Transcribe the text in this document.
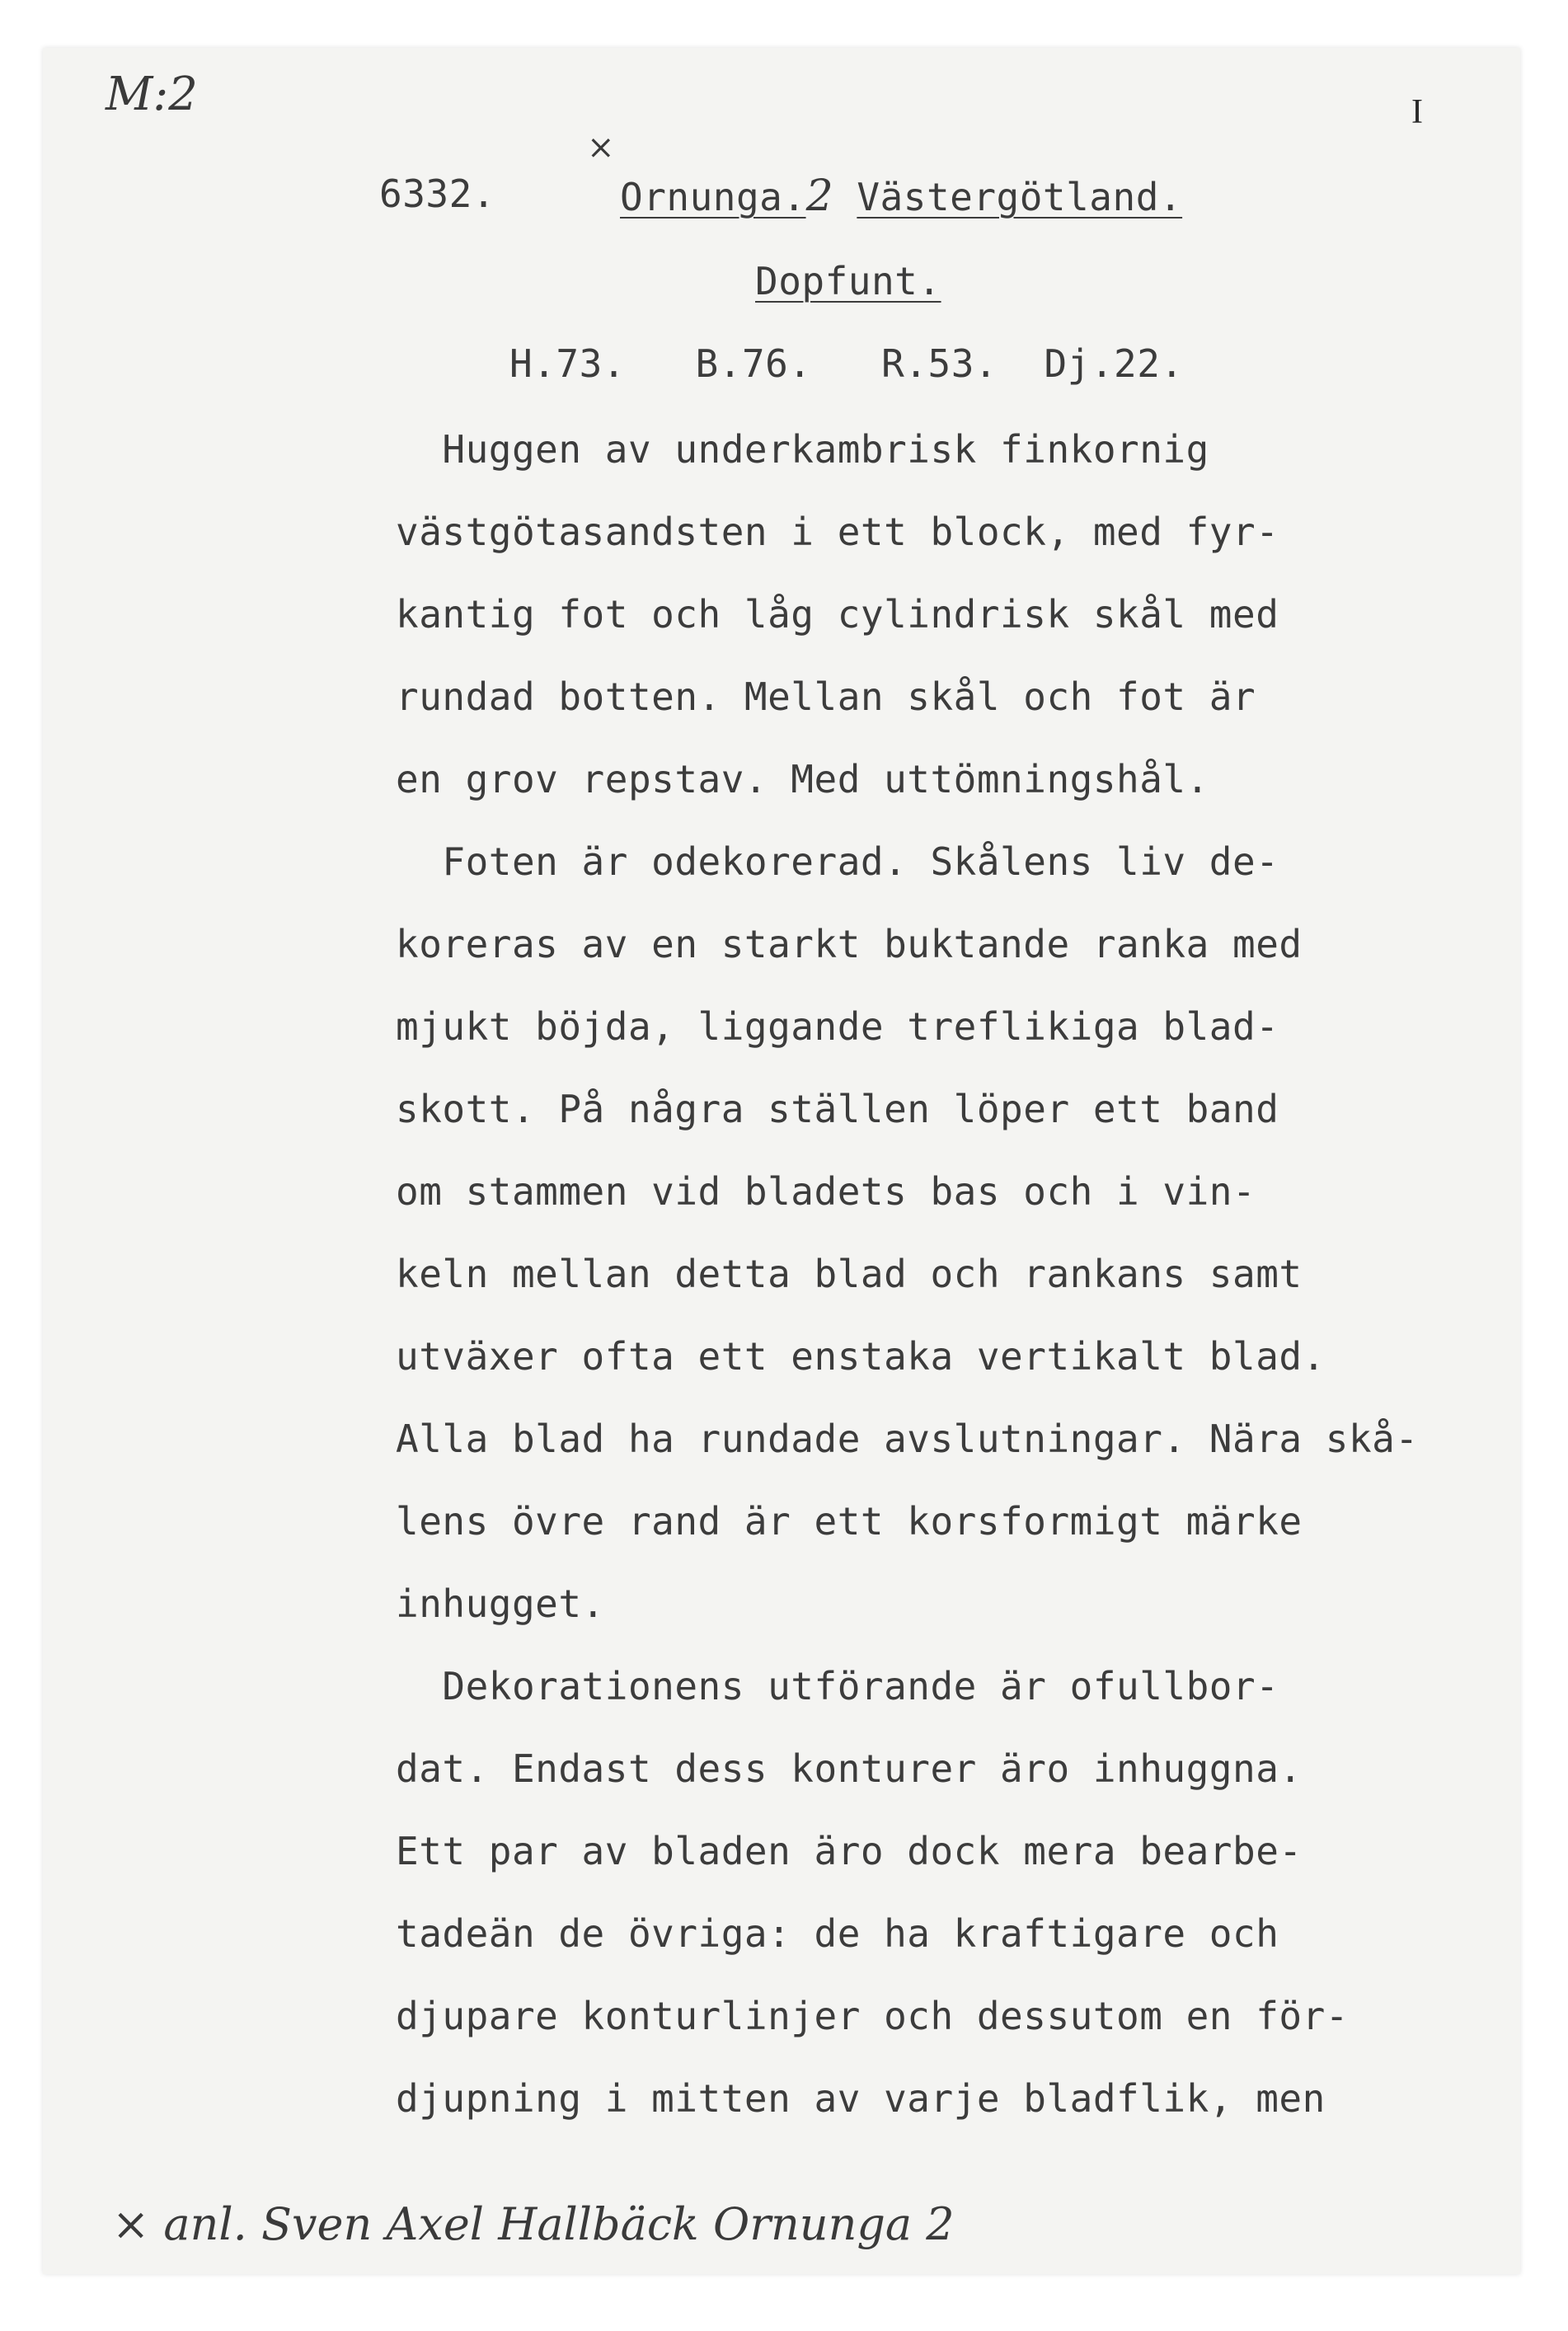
M:2	I
×
6332.	Ornunga.2 Västergötland.
Dopfunt.
H.73.   B.76.   R.53.  Dj.22.
Huggen av underkambrisk finkornig
västgötasandsten i ett block, med fyr-
kantig fot och låg cylindrisk skål med
rundad botten. Mellan skål och fot är
en grov repstav. Med uttömningshål.
Foten är odekorerad. Skålens liv de-
koreras av en starkt buktande ranka med
mjukt böjda, liggande treflikiga blad-
skott. På några ställen löper ett band
om stammen vid bladets bas och i vin-
keln mellan detta blad och rankans samt
utväxer ofta ett enstaka vertikalt blad.
Alla blad ha rundade avslutningar. Nära skå-
lens övre rand är ett korsformigt märke
inhugget.
Dekorationens utförande är ofullbor-
dat. Endast dess konturer äro inhuggna.
Ett par av bladen äro dock mera bearbe-
tadeän de övriga: de ha kraftigare och
djupare konturlinjer och dessutom en för-
djupning i mitten av varje bladflik, men
× anl. Sven Axel Hallbäck Ornunga 2
